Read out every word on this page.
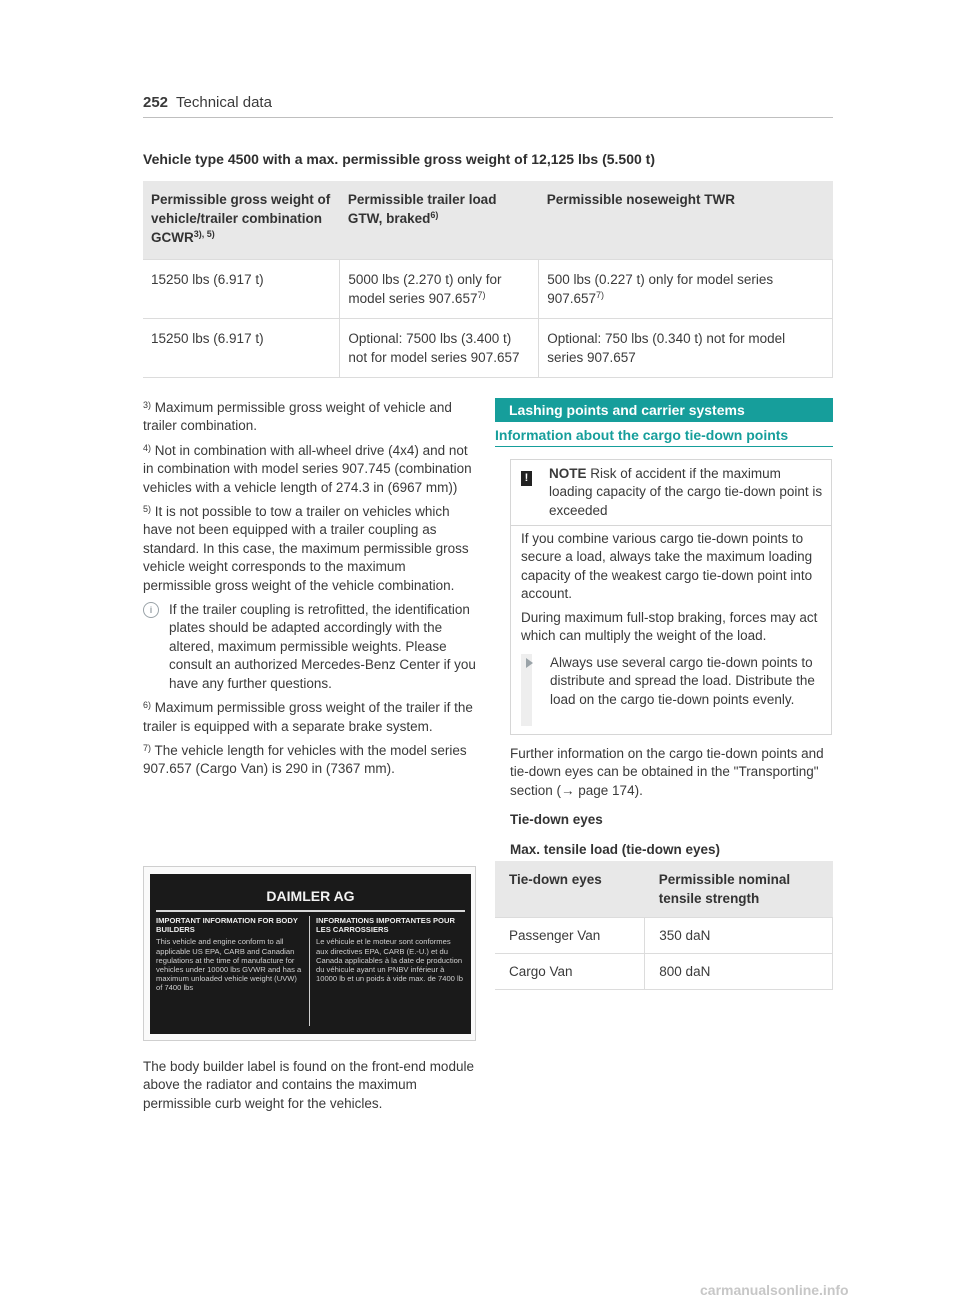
252 Technical data
Vehicle type 4500 with a max. permissible gross weight of 12,125 lbs (5.500 t)
Permissible gross weight of vehicle/trailer combination $GCWR^{3), 5)}$	Permissible trailer load GTW, braked$^{6)}$	Permissible noseweight TWR
15250 lbs (6.917 t)	5000 lbs (2.270 t) only for model series 907.657$^{7)}$	500 lbs (0.227 t) only for model series 907.657$^{7)}$
15250 lbs (6.917 t)	Optional: 7500 lbs (3.400 t) not for model series 907.657	Optional: 750 lbs (0.340 t) not for model series 907.657

$^{3)}$ Maximum permissible gross weight of vehicle and trailer combination.

$^{4)}$ Not in combination with all-wheel drive (4x4) and not in combination with model series 907.745 (combination vehicles with a vehicle length of 274.3 in (6967 mm))

$^{5)}$ It is not possible to tow a trailer on vehicles which have not been equipped with a trailer coupling as standard. In this case, the maximum permissible gross vehicle weight corresponds to the maximum permissible gross weight of the vehicle combination.

i	If the trailer coupling is retrofitted, the identification plates should be adapted accordingly with the altered, maximum permissible weights. Please consult an authorized Mercedes-Benz Center if you have any further questions.

$^{6)}$ Maximum permissible gross weight of the trailer if the trailer is equipped with a separate brake system.

$^{7)}$ The vehicle length for vehicles with the model series 907.657 (Cargo Van) is 290 in (7367 mm).

DAIMLER AG
IMPORTANT INFORMATION FOR BODY BUILDERS
This vehicle and engine conform to all applicable US EPA, CARB and Canadian regulations at the time of manufacture for vehicles under 10000 lbs GVWR and has a maximum unloaded vehicle weight (UVW) of 7400 lbs
INFORMATIONS IMPORTANTES POUR LES CARROSSIERS
Le véhicule et le moteur sont conformes aux directives EPA, CARB (E.-U.) et du Canada applicables à la date de production du véhicule ayant un PNBV inférieur à 10000 lb et un poids à vide max. de 7400 lb
The body builder label is found on the front-end module above the radiator and contains the maximum permissible curb weight for the vehicles.
Lashing points and carrier systems
Information about the cargo tie-down points
! NOTE Risk of accident if the maximum loading capacity of the cargo tie-down point is exceeded
If you combine various cargo tie-down points to secure a load, always take the maximum loading capacity of the weakest cargo tie-down point into account.
During maximum full-stop braking, forces may act which can multiply the weight of the load.
Always use several cargo tie-down points to distribute and spread the load. Distribute the load on the cargo tie-down points evenly.
Further information on the cargo tie-down points and tie-down eyes can be obtained in the "Transporting" section (→ page 174).
Tie-down eyes
Max. tensile load (tie-down eyes)
Tie-down eyes	Permissible nominal tensile strength
Passenger Van	350 daN
Cargo Van	800 daN
carmanualsonline.info
